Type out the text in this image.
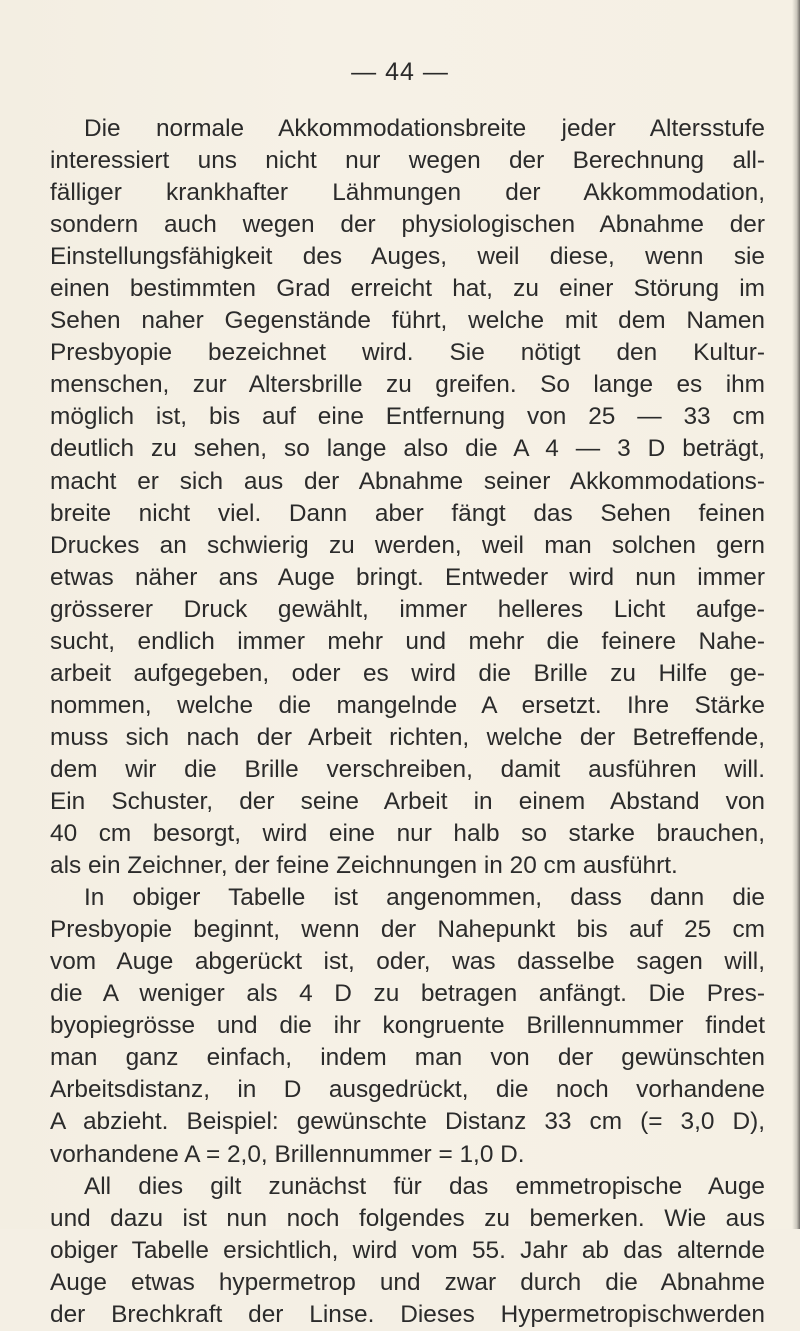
— 44 —
Die normale Akkommodationsbreite jeder Altersstufe
interessiert uns nicht nur wegen der Berechnung all-
fälliger krankhafter Lähmungen der Akkommodation,
sondern auch wegen der physiologischen Abnahme der
Einstellungsfähigkeit des Auges, weil diese, wenn sie
einen bestimmten Grad erreicht hat, zu einer Störung im
Sehen naher Gegenstände führt, welche mit dem Namen
Presbyopie bezeichnet wird. Sie nötigt den Kultur-
menschen, zur Altersbrille zu greifen. So lange es ihm
möglich ist, bis auf eine Entfernung von 25 — 33 cm
deutlich zu sehen, so lange also die A 4 — 3 D beträgt,
macht er sich aus der Abnahme seiner Akkommodations-
breite nicht viel. Dann aber fängt das Sehen feinen
Druckes an schwierig zu werden, weil man solchen gern
etwas näher ans Auge bringt. Entweder wird nun immer
grösserer Druck gewählt, immer helleres Licht aufge-
sucht, endlich immer mehr und mehr die feinere Nahe-
arbeit aufgegeben, oder es wird die Brille zu Hilfe ge-
nommen, welche die mangelnde A ersetzt. Ihre Stärke
muss sich nach der Arbeit richten, welche der Betreffende,
dem wir die Brille verschreiben, damit ausführen will.
Ein Schuster, der seine Arbeit in einem Abstand von
40 cm besorgt, wird eine nur halb so starke brauchen,
als ein Zeichner, der feine Zeichnungen in 20 cm ausführt.
In obiger Tabelle ist angenommen, dass dann die
Presbyopie beginnt, wenn der Nahepunkt bis auf 25 cm
vom Auge abgerückt ist, oder, was dasselbe sagen will,
die A weniger als 4 D zu betragen anfängt. Die Pres-
byopiegrösse und die ihr kongruente Brillennummer findet
man ganz einfach, indem man von der gewünschten
Arbeitsdistanz, in D ausgedrückt, die noch vorhandene
A abzieht. Beispiel: gewünschte Distanz 33 cm (= 3,0 D),
vorhandene A = 2,0, Brillennummer = 1,0 D.
All dies gilt zunächst für das emmetropische Auge
und dazu ist nun noch folgendes zu bemerken. Wie aus
obiger Tabelle ersichtlich, wird vom 55. Jahr ab das alternde
Auge etwas hypermetrop und zwar durch die Abnahme
der Brechkraft der Linse. Dieses Hypermetropischwerden
